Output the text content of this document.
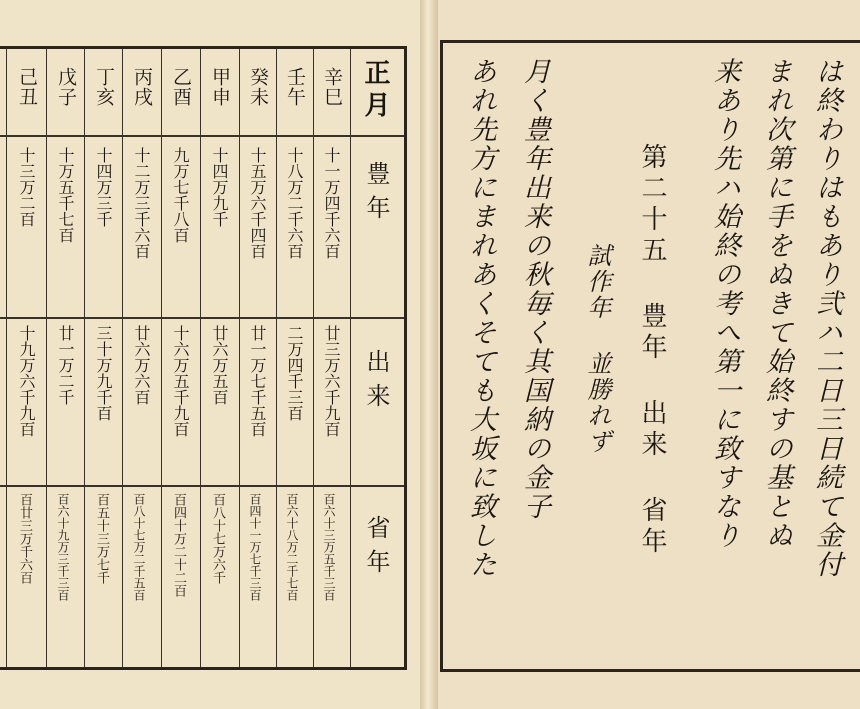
正月
豊年
出来
省年
辛巳
十一万四千六百
廿三万六千九百
百六十三万五千三百
壬午
十八万二千六百
二万四千三百
百六十八万二千七百
癸未
十五万六千四百
廿一万七千五百
百四十一万七千三百
甲申
十四万九千
廿六万五百
百八十七万六千
乙酉
九万七千八百
十六万五千九百
百四十万二十二百
丙戌
十二万三千六百
廿六万六百
百八十七万二千五百
丁亥
十四万三千
三十万九千百
百五十三万七千
戊子
十万五千七百
廿一万二千
百六十九万三千三百
己丑
十三万二百
十九万六千九百
百廿三万千六百	は終わりはもあり弐ハ二日三日続て金付
まれ次第に手をぬきて始終すの基とぬ
来あり先ハ始終の考へ第一に致すなり
第二十五 豊年 出来 省年
試作年 並勝れず
月く豊年出来の秋毎く其国納の金子
あれ先方にまれあくそても大坂に致した
